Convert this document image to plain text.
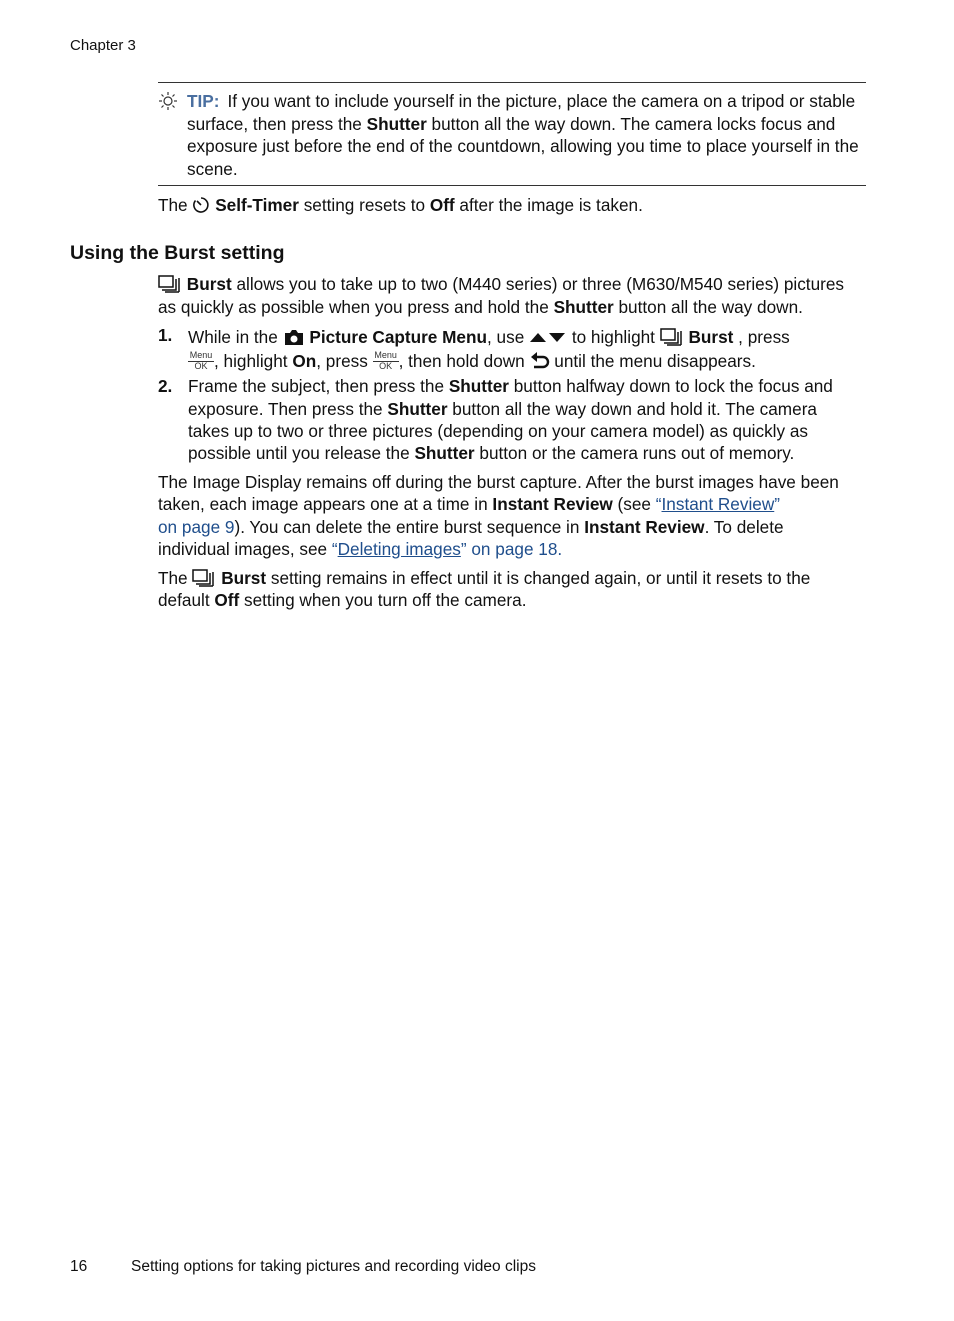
Chapter 3
TIP: If you want to include yourself in the picture, place the camera on a tripod or stable surface, then press the Shutter button all the way down. The camera locks focus and exposure just before the end of the countdown, allowing you time to place yourself in the scene.
The  Self-Timer setting resets to Off after the image is taken.
Using the Burst setting
Burst allows you to take up to two (M440 series) or three (M630/M540 series) pictures
as quickly as possible when you press and hold the Shutter button all the way down.
1. While in the  Picture Capture Menu, use  to highlight  Burst , press
Menu
OK , highlight On, press Menu
OK , then hold down  until the menu disappears.
2. Frame the subject, then press the Shutter button halfway down to lock the focus and
exposure. Then press the Shutter button all the way down and hold it. The camera
takes up to two or three pictures (depending on your camera model) as quickly as
possible until you release the Shutter button or the camera runs out of memory.
The Image Display remains off during the burst capture. After the burst images have been
taken, each image appears one at a time in Instant Review (see “Instant Review”
on page 9). You can delete the entire burst sequence in Instant Review. To delete
individual images, see “Deleting images” on page 18.
The  Burst setting remains in effect until it is changed again, or until it resets to the
default Off setting when you turn off the camera.
16	Setting options for taking pictures and recording video clips
